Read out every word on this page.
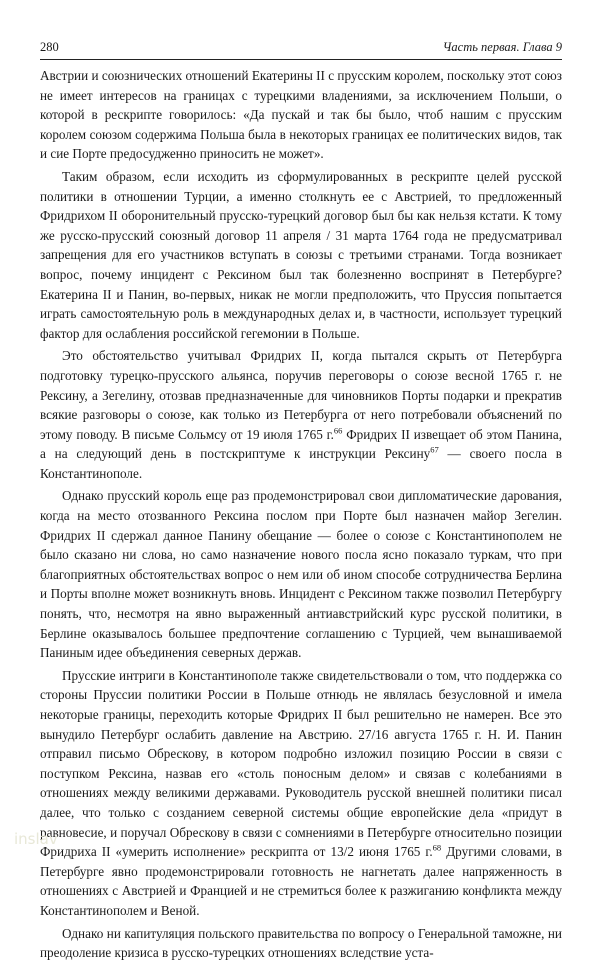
280	Часть первая. Глава 9

Австрии и союзнических отношений Екатерины II с прусским королем, поскольку этот союз не имеет интересов на границах с турецкими владениями, за исключением Польши, о которой в рескрипте говорилось: «Да пускай и так бы было, чтоб нашим с прусским королем союзом содержима Польша была в некоторых границах ее политических видов, так и сие Порте предосудженно приносить не может».

Таким образом, если исходить из сформулированных в рескрипте целей русской политики в отношении Турции, а именно столкнуть ее с Австрией, то предложенный Фридрихом II оборонительный прусско-турецкий договор был бы как нельзя кстати. К тому же русско-прусский союзный договор 11 апреля / 31 марта 1764 года не предусматривал запрещения для его участников вступать в союзы с третьими странами. Тогда возникает вопрос, почему инцидент с Рексином был так болезненно воспринят в Петербурге? Екатерина II и Панин, во-первых, никак не могли предположить, что Пруссия попытается играть самостоятельную роль в международных делах и, в частности, использует турецкий фактор для ослабления российской гегемонии в Польше.

Это обстоятельство учитывал Фридрих II, когда пытался скрыть от Петербурга подготовку турецко-прусского альянса, поручив переговоры о союзе весной 1765 г. не Рексину, а Зегелину, отозвав предназначенные для чиновников Порты подарки и прекратив всякие разговоры о союзе, как только из Петербурга от него потребовали объяснений по этому поводу. В письме Сольмсу от 19 июля 1765 г.$^{66}$ Фридрих II извещает об этом Панина, а на следующий день в постскриптуме к инструкции Рексину$^{67}$ — своего посла в Константинополе.

Однако прусский король еще раз продемонстрировал свои дипломатические дарования, когда на место отозванного Рексина послом при Порте был назначен майор Зегелин. Фридрих II сдержал данное Панину обещание — более о союзе с Константинополем не было сказано ни слова, но само назначение нового посла ясно показало туркам, что при благоприятных обстоятельствах вопрос о нем или об ином способе сотрудничества Берлина и Порты вполне может возникнуть вновь. Инцидент с Рексином также позволил Петербургу понять, что, несмотря на явно выраженный антиавстрийский курс русской политики, в Берлине оказывалось большее предпочтение соглашению с Турцией, чем вынашиваемой Паниным идее объединения северных держав.

Прусские интриги в Константинополе также свидетельствовали о том, что поддержка со стороны Пруссии политики России в Польше отнюдь не являлась безусловной и имела некоторые границы, переходить которые Фридрих II был решительно не намерен. Все это вынудило Петербург ослабить давление на Австрию. 27/16 августа 1765 г. Н. И. Панин отправил письмо Обрескову, в котором подробно изложил позицию России в связи с поступком Рексина, назвав его «столь поносным делом» и связав с колебаниями в отношениях между великими державами. Руководитель русской внешней политики писал далее, что только с созданием северной системы общие европейские дела «придут в равновесие, и поручал Обрескову в связи с сомнениями в Петербурге относительно позиции Фридриха II «умерить исполнение» рескрипта от 13/2 июня 1765 г.$^{68}$ Другими словами, в Петербурге явно продемонстрировали готовность не нагнетать далее напряженность в отношениях с Австрией и Францией и не стремиться более к разжиганию конфликта между Константинополем и Веной.

Однако ни капитуляция польского правительства по вопросу о Генеральной таможне, ни преодоление кризиса в русско-турецких отношениях вследствие уста-

inslav
